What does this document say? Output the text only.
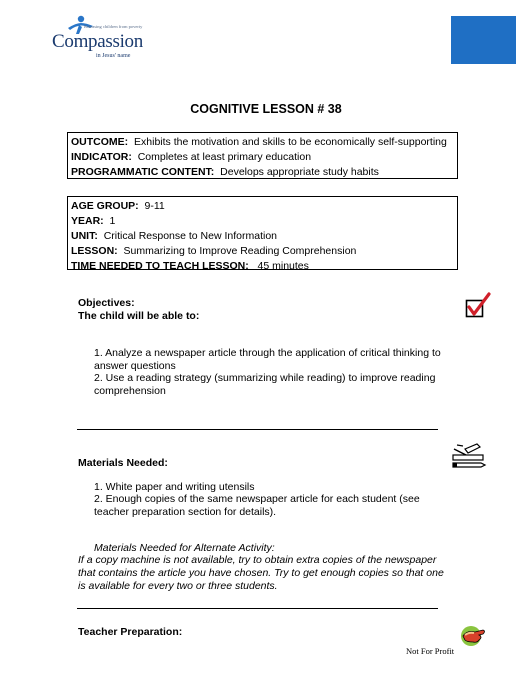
Releasing children from poverty
Compassion
in Jesus' name
COGNITIVE LESSON # 38
OUTCOME: Exhibits the motivation and skills to be economically self-supporting
INDICATOR: Completes at least primary education
PROGRAMMATIC CONTENT: Develops appropriate study habits
AGE GROUP: 9-11
YEAR: 1
UNIT: Critical Response to New Information
LESSON: Summarizing to Improve Reading Comprehension
TIME NEEDED TO TEACH LESSON: 45 minutes
Objectives:
The child will be able to:
1. Analyze a newspaper article through the application of critical thinking to answer questions
2. Use a reading strategy (summarizing while reading) to improve reading comprehension
Materials Needed:
1. White paper and writing utensils
2. Enough copies of the same newspaper article for each student (see teacher preparation section for details).
Materials Needed for Alternate Activity:
If a copy machine is not available, try to obtain extra copies of the newspaper that contains the article you have chosen. Try to get enough copies so that one is available for every two or three students.
Teacher Preparation:
Not For Profit
